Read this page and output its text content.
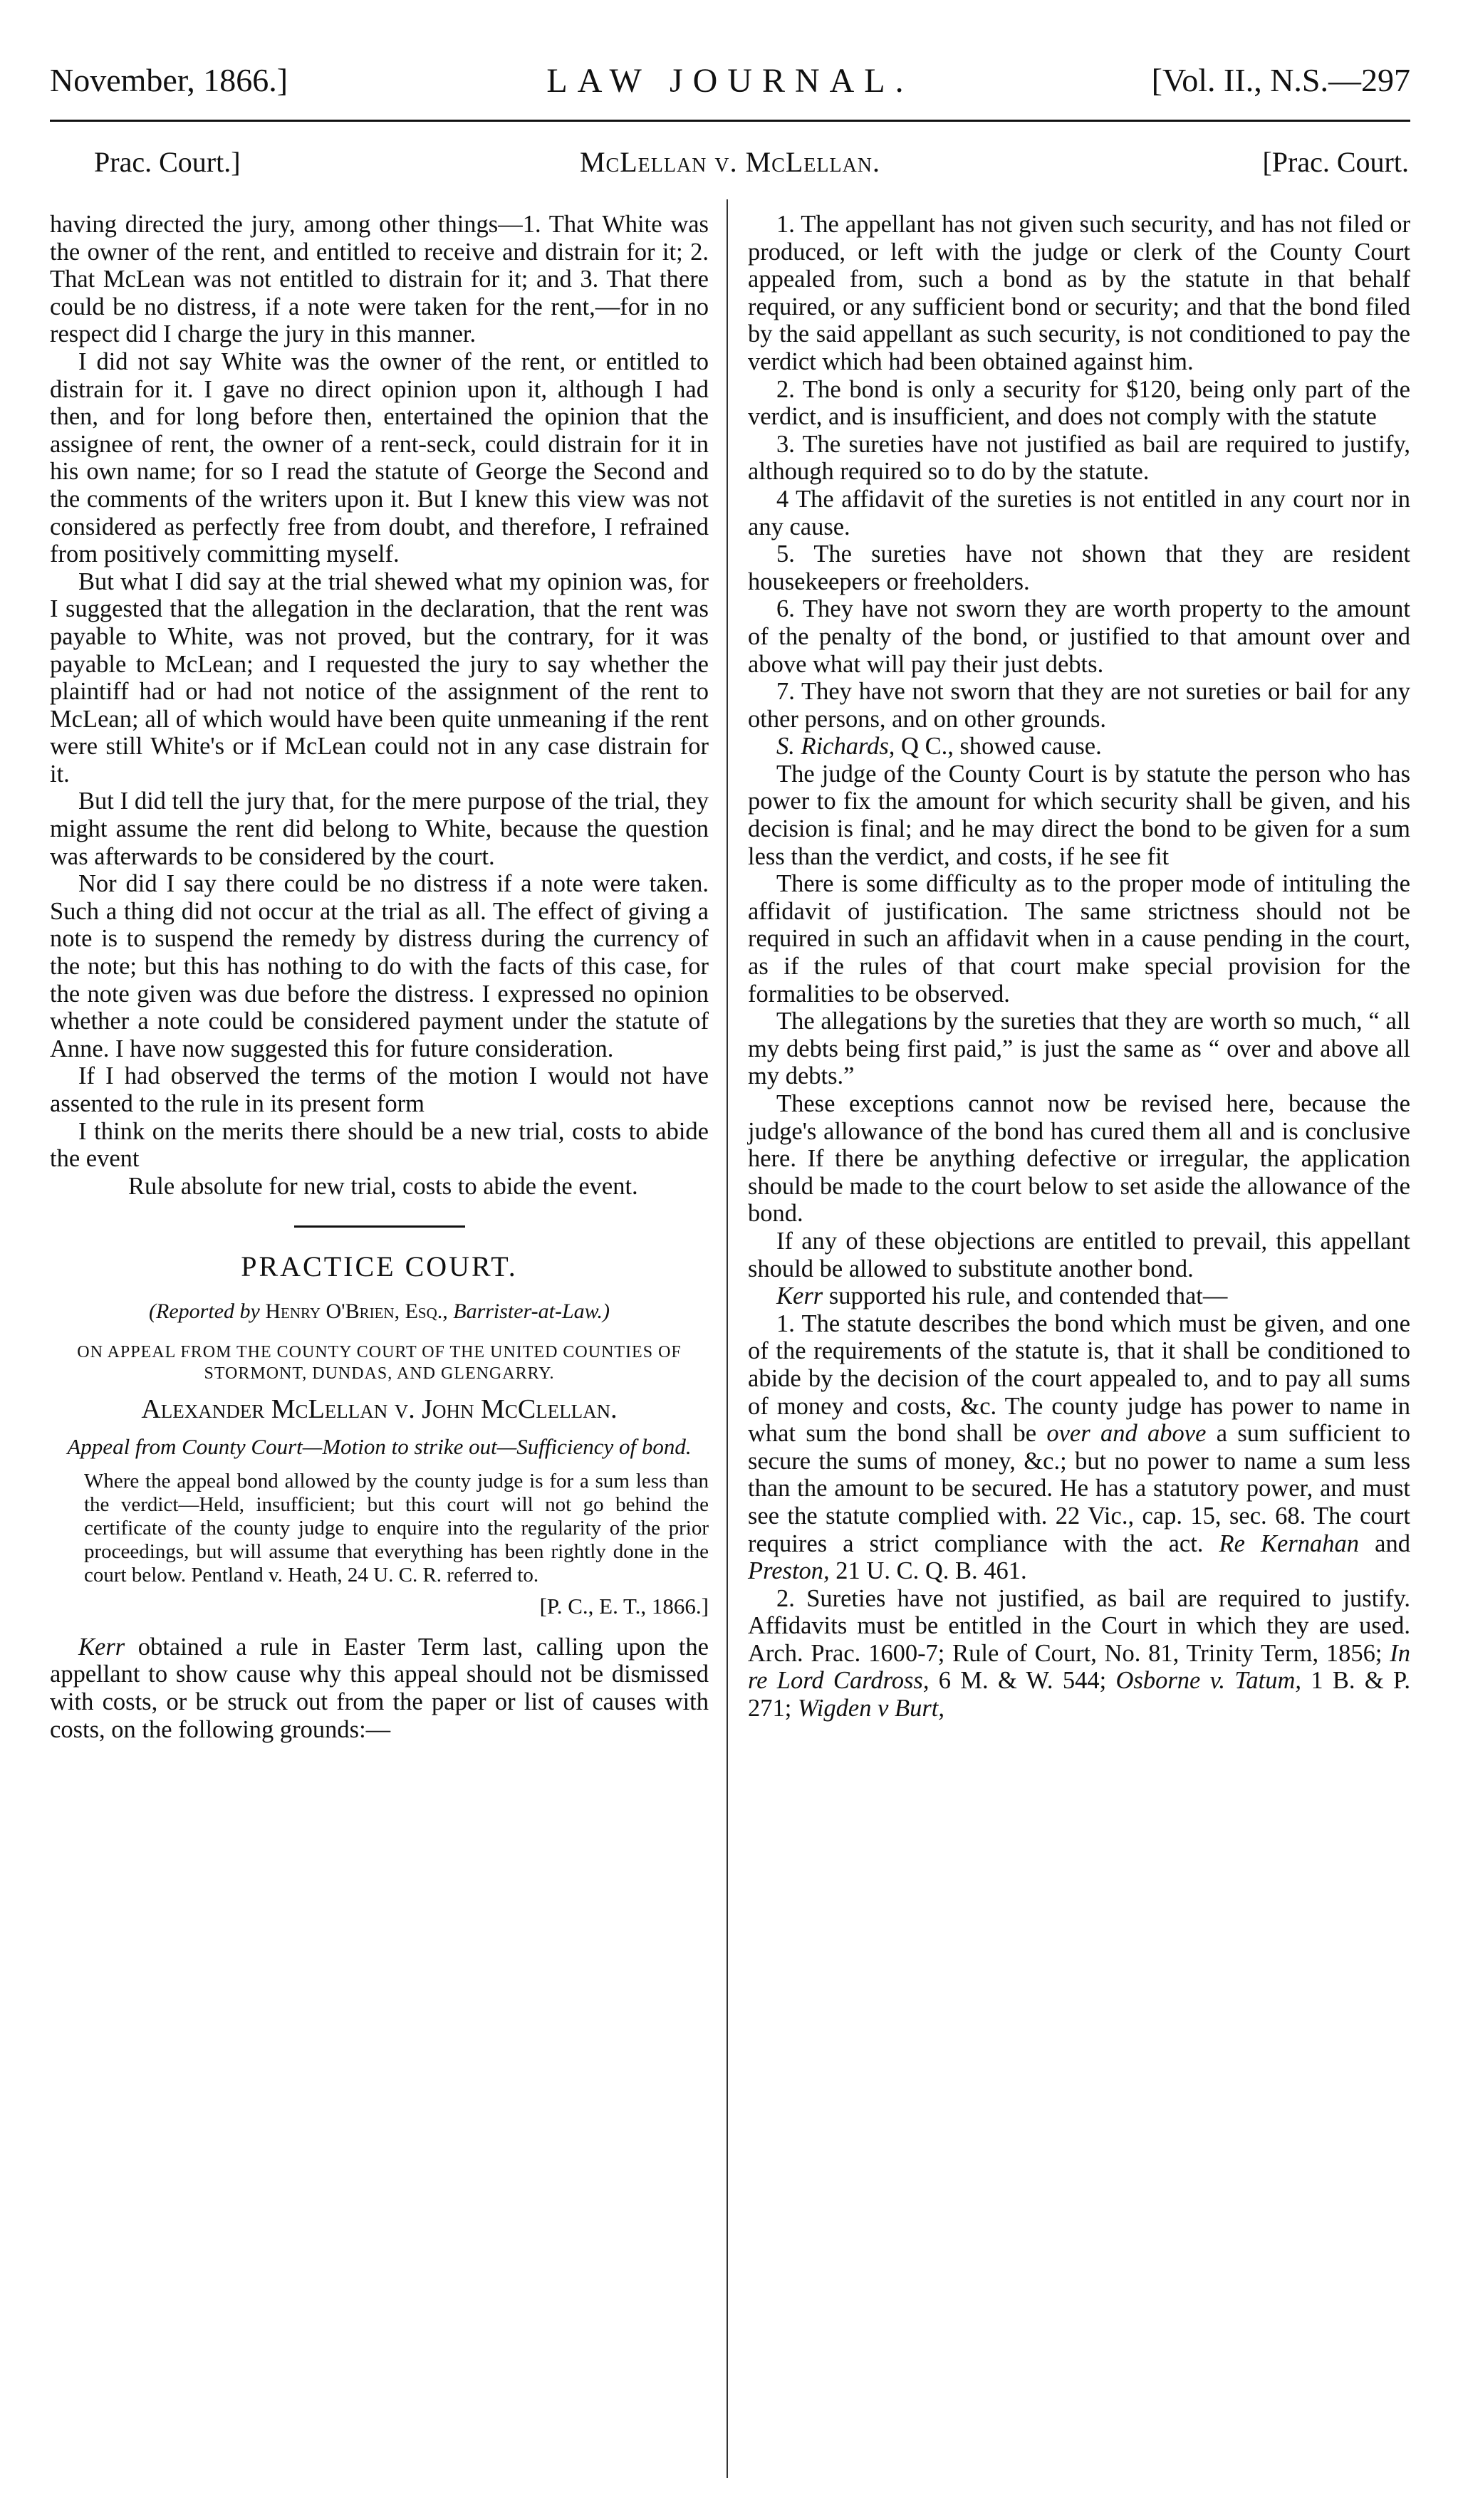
November, 1866.]	LAW JOURNAL.	[Vol. II., N.S.—297
Prac. Court.]	McLellan v. McLellan.	[Prac. Court.

having directed the jury, among other things—1. That White was the owner of the rent, and entitled to receive and distrain for it; 2. That McLean was not entitled to distrain for it; and 3. That there could be no distress, if a note were taken for the rent,—for in no respect did I charge the jury in this manner.

I did not say White was the owner of the rent, or entitled to distrain for it. I gave no direct opinion upon it, although I had then, and for long before then, entertained the opinion that the assignee of rent, the owner of a rent-seck, could distrain for it in his own name; for so I read the statute of George the Second and the comments of the writers upon it. But I knew this view was not considered as perfectly free from doubt, and therefore, I refrained from positively committing myself.

But what I did say at the trial shewed what my opinion was, for I suggested that the allegation in the declaration, that the rent was payable to White, was not proved, but the contrary, for it was payable to McLean; and I requested the jury to say whether the plaintiff had or had not notice of the assignment of the rent to McLean; all of which would have been quite unmeaning if the rent were still White's or if McLean could not in any case distrain for it.

But I did tell the jury that, for the mere purpose of the trial, they might assume the rent did belong to White, because the question was afterwards to be considered by the court.

Nor did I say there could be no distress if a note were taken. Such a thing did not occur at the trial as all. The effect of giving a note is to suspend the remedy by distress during the currency of the note; but this has nothing to do with the facts of this case, for the note given was due before the distress. I expressed no opinion whether a note could be considered payment under the statute of Anne. I have now suggested this for future consideration.

If I had observed the terms of the motion I would not have assented to the rule in its present form

I think on the merits there should be a new trial, costs to abide the event

Rule absolute for new trial, costs to abide the event.

PRACTICE COURT.
(Reported by Henry O'Brien, Esq., Barrister-at-Law.)
ON APPEAL FROM THE COUNTY COURT OF THE UNITED COUNTIES OF STORMONT, DUNDAS, AND GLENGARRY.
Alexander McLellan v. John McClellan.
Appeal from County Court—Motion to strike out—Sufficiency of bond.

Where the appeal bond allowed by the county judge is for a sum less than the verdict—Held, insufficient; but this court will not go behind the certificate of the county judge to enquire into the regularity of the prior proceedings, but will assume that everything has been rightly done in the court below. Pentland v. Heath, 24 U. C. R. referred to.

[P. C., E. T., 1866.]

Kerr obtained a rule in Easter Term last, calling upon the appellant to show cause why this appeal should not be dismissed with costs, or be struck out from the paper or list of causes with costs, on the following grounds:—

1. The appellant has not given such security, and has not filed or produced, or left with the judge or clerk of the County Court appealed from, such a bond as by the statute in that behalf required, or any sufficient bond or security; and that the bond filed by the said appellant as such security, is not conditioned to pay the verdict which had been obtained against him.

2. The bond is only a security for $120, being only part of the verdict, and is insufficient, and does not comply with the statute

3. The sureties have not justified as bail are required to justify, although required so to do by the statute.

4 The affidavit of the sureties is not entitled in any court nor in any cause.

5. The sureties have not shown that they are resident housekeepers or freeholders.

6. They have not sworn they are worth property to the amount of the penalty of the bond, or justified to that amount over and above what will pay their just debts.

7. They have not sworn that they are not sureties or bail for any other persons, and on other grounds.

S. Richards, Q C., showed cause.

The judge of the County Court is by statute the person who has power to fix the amount for which security shall be given, and his decision is final; and he may direct the bond to be given for a sum less than the verdict, and costs, if he see fit

There is some difficulty as to the proper mode of intituling the affidavit of justification. The same strictness should not be required in such an affidavit when in a cause pending in the court, as if the rules of that court make special provision for the formalities to be observed.

The allegations by the sureties that they are worth so much, “ all my debts being first paid,” is just the same as “ over and above all my debts.”

These exceptions cannot now be revised here, because the judge's allowance of the bond has cured them all and is conclusive here. If there be anything defective or irregular, the application should be made to the court below to set aside the allowance of the bond.

If any of these objections are entitled to prevail, this appellant should be allowed to substitute another bond.

Kerr supported his rule, and contended that—

1. The statute describes the bond which must be given, and one of the requirements of the statute is, that it shall be conditioned to abide by the decision of the court appealed to, and to pay all sums of money and costs, &c. The county judge has power to name in what sum the bond shall be over and above a sum sufficient to secure the sums of money, &c.; but no power to name a sum less than the amount to be secured. He has a statutory power, and must see the statute complied with. 22 Vic., cap. 15, sec. 68. The court requires a strict compliance with the act. Re Kernahan and Preston, 21 U. C. Q. B. 461.

2. Sureties have not justified, as bail are required to justify. Affidavits must be entitled in the Court in which they are used. Arch. Prac. 1600-7; Rule of Court, No. 81, Trinity Term, 1856; In re Lord Cardross, 6 M. & W. 544; Osborne v. Tatum, 1 B. & P. 271; Wigden v Burt,
